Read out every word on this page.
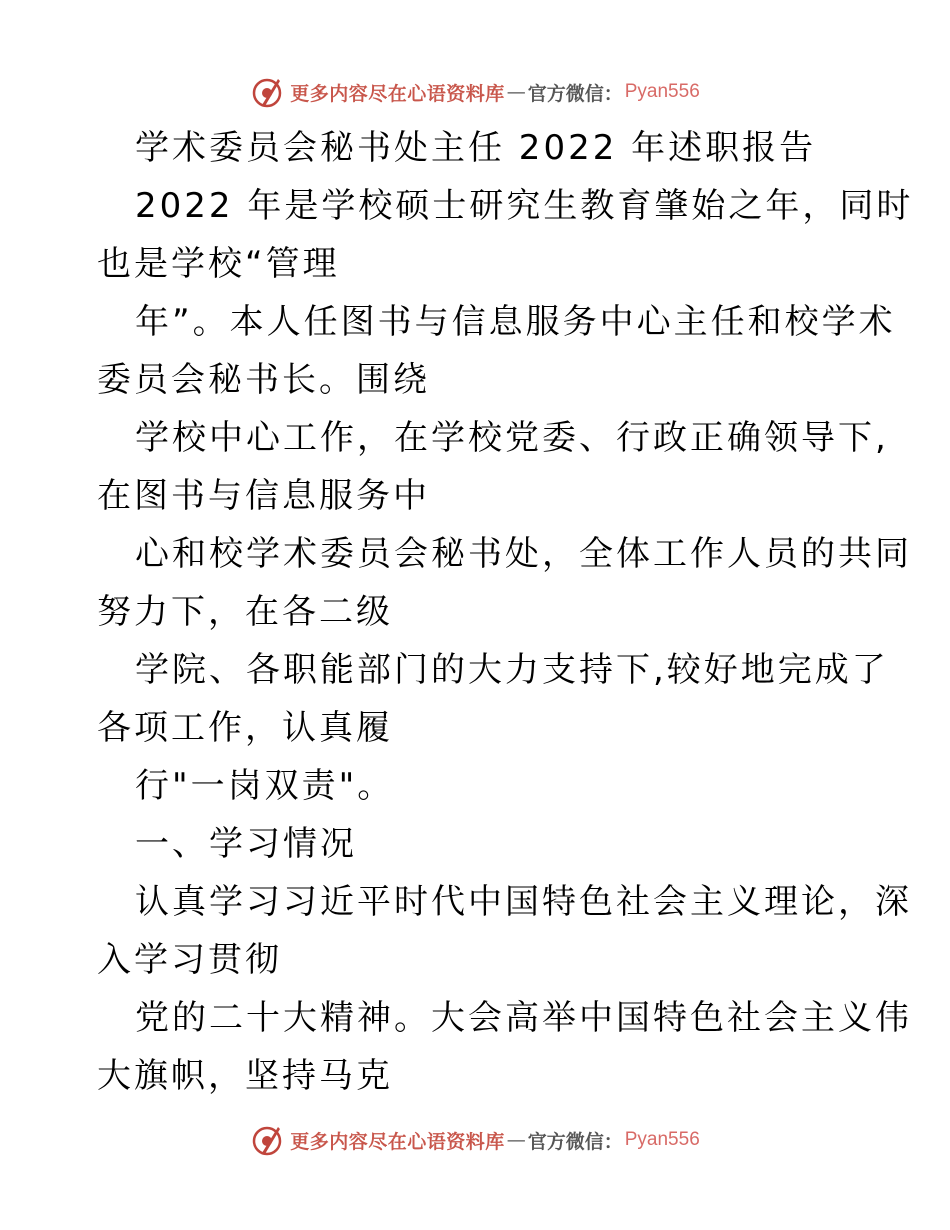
更多内容尽在心语资料库 — 官方微信： Pyan556
学术委员会秘书处主任 2022 年述职报告
2022 年是学校硕士研究生教育肇始之年，同时
也是学校“管理
年”。本人任图书与信息服务中心主任和校学术
委员会秘书长。围绕
学校中心工作，在学校党委、行政正确领导下,
在图书与信息服务中
心和校学术委员会秘书处，全体工作人员的共同
努力下，在各二级
学院、各职能部门的大力支持下,较好地完成了
各项工作，认真履
行"一岗双责"。
一、学习情况
认真学习习近平时代中国特色社会主义理论，深
入学习贯彻
党的二十大精神。大会高举中国特色社会主义伟
大旗帜，坚持马克
更多内容尽在心语资料库 — 官方微信： Pyan556
